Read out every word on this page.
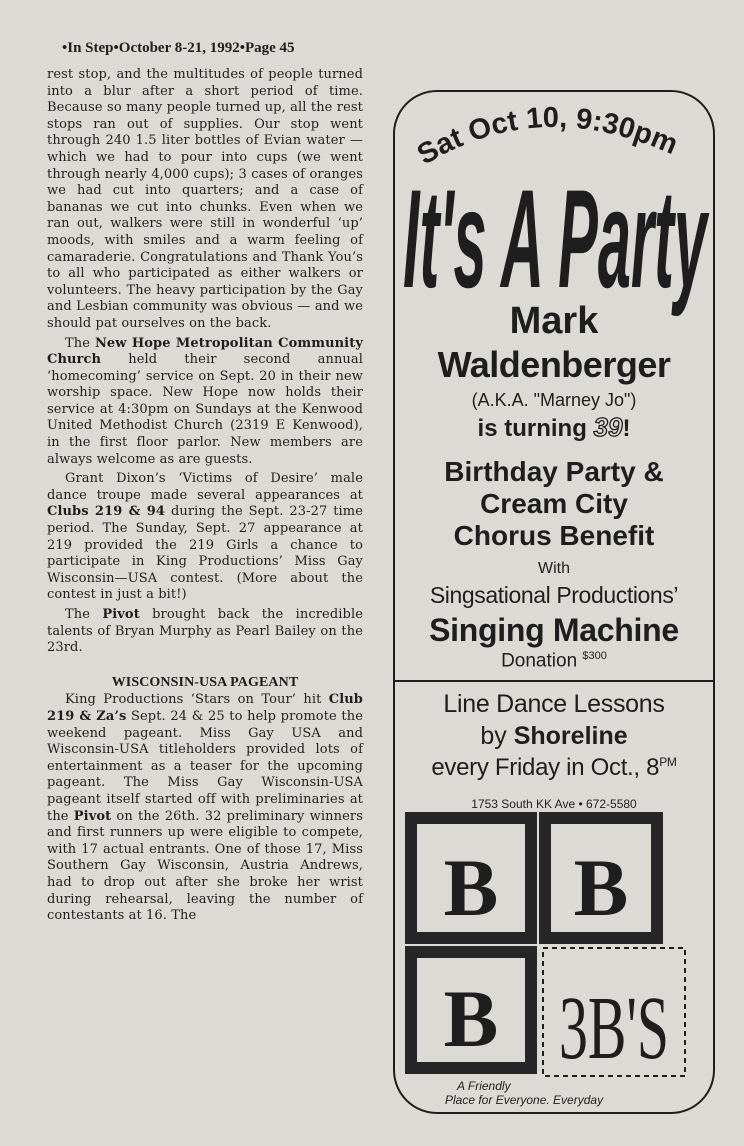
•In Step•October 8-21, 1992•Page 45

rest stop, and the multitudes of people turned into a blur after a short period of time. Because so many people turned up, all the rest stops ran out of supplies. Our stop went through 240 1.5 liter bottles of Evian water — which we had to pour into cups (we went through nearly 4,000 cups); 3 cases of oranges we had cut into quarters; and a case of bananas we cut into chunks. Even when we ran out, walkers were still in wonderful ‘up’ moods, with smiles and a warm feeling of camaraderie. Congratulations and Thank You’s to all who participated as either walkers or volunteers. The heavy participation by the Gay and Lesbian community was obvious — and we should pat ourselves on the back.

The New Hope Metropolitan Community Church held their second annual ‘homecoming’ service on Sept. 20 in their new worship space. New Hope now holds their service at 4:30pm on Sundays at the Kenwood United Methodist Church (2319 E Kenwood), in the first floor parlor. New members are always welcome as are guests.

Grant Dixon’s ‘Victims of Desire’ male dance troupe made several appearances at Clubs 219 & 94 during the Sept. 23-27 time period. The Sunday, Sept. 27 appearance at 219 provided the 219 Girls a chance to participate in King Productions’ Miss Gay Wisconsin—USA contest. (More about the contest in just a bit!)

The Pivot brought back the incredible talents of Bryan Murphy as Pearl Bailey on the 23rd.

WISCONSIN-USA PAGEANT

King Productions ‘Stars on Tour’ hit Club 219 & Za’s Sept. 24 & 25 to help promote the weekend pageant. Miss Gay USA and Wisconsin-USA titleholders provided lots of entertainment as a teaser for the upcoming pageant. The Miss Gay Wisconsin-USA pageant itself started off with preliminaries at the Pivot on the 26th. 32 preliminary winners and first runners up were eligible to compete, with 17 actual entrants. One of those 17, Miss Southern Gay Wisconsin, Austria Andrews, had to drop out after she broke her wrist during rehearsal, leaving the number of contestants at 16. The

Sat Oct 10, 9:30pm
It's A Party
Mark
Waldenberger
(A.K.A. "Marney Jo")
is turning 39!
Birthday Party &
Cream City
Chorus Benefit
With
Singsational Productions’
Singing Machine
Donation $^{\$300}$
Line Dance Lessons
by Shoreline
every Friday in Oct., $8^{PM}$
1753 South KK Ave • 672-5580
B B
B 3B'S
A Friendly
Place for Everyone. Everyday
